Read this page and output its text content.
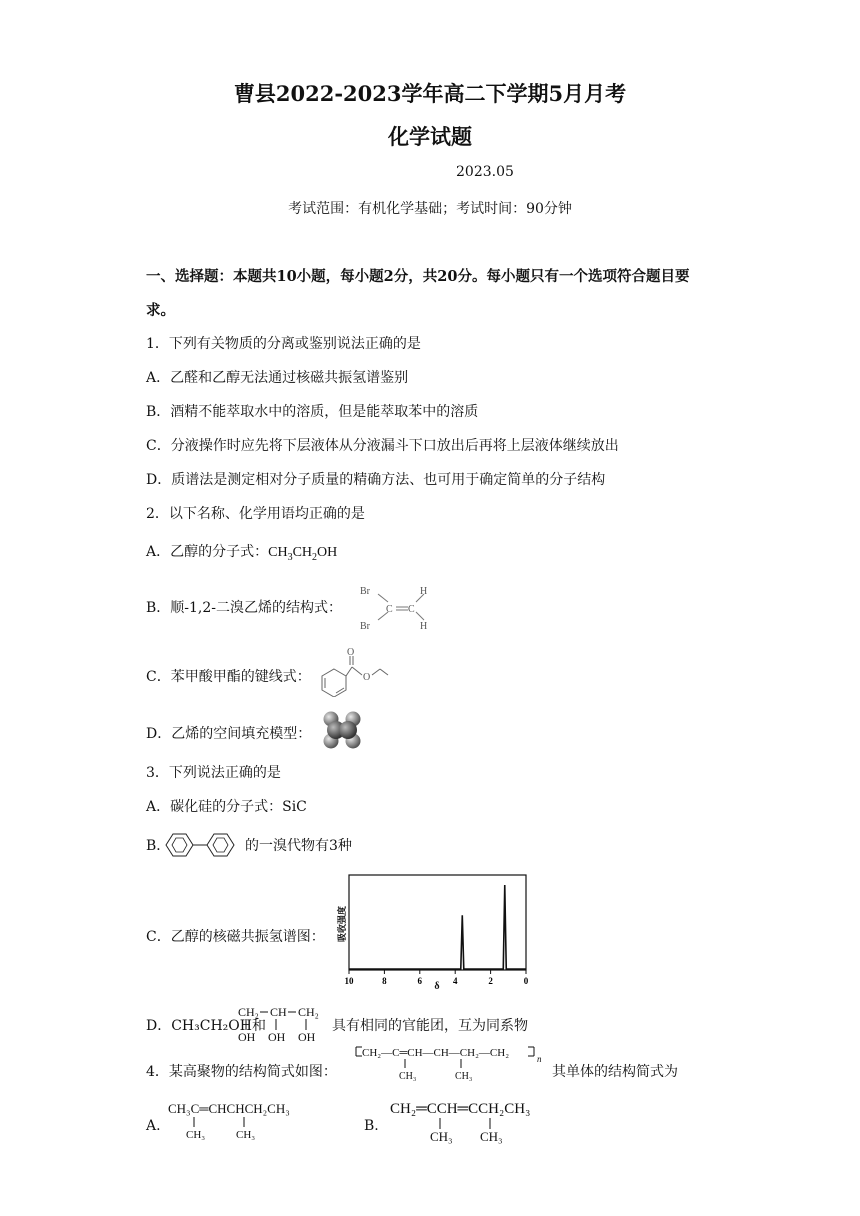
曹县2022-2023学年高二下学期5月月考
化学试题
2023.05
考试范围：有机化学基础；考试时间：90分钟
一、选择题：本题共10小题，每小题2分，共20分。每小题只有一个选项符合题目要
求。
1．下列有关物质的分离或鉴别说法正确的是
A．乙醛和乙醇无法通过核磁共振氢谱鉴别
B．酒精不能萃取水中的溶质，但是能萃取苯中的溶质
C．分液操作时应先将下层液体从分液漏斗下口放出后再将上层液体继续放出
D．质谱法是测定相对分子质量的精确方法、也可用于确定简单的分子结构
2．以下名称、化学用语均正确的是
A．乙醇的分子式：$CH_3CH_2OH$
B．顺-1,2-二溴乙烯的结构式：
Br
Br
C C
H
H
C．苯甲酸甲酯的键线式：
O
O
D．乙烯的空间填充模型：
3．下列说法正确的是
A．碳化硅的分子式：SiC
B．	的一溴代物有3种
C．乙醇的核磁共振氢谱图： 吸收强度
δ
10	8	6	4	2	0
D．CH₃CH₂OH和
CH₂ CH CH₂
OH OH OH
具有相同的官能团，互为同系物
4．某高聚物的结构简式如图：
CH₂—C═CH—CH—CH₂—CH₂	n
CH₃	CH₃	其单体的结构简式为
A.
CH₃C═CHCHCH₂CH₃
CH₃	CH₃
B.
CH₂═CCH═CCH₂CH₃
CH₃ CH₃
